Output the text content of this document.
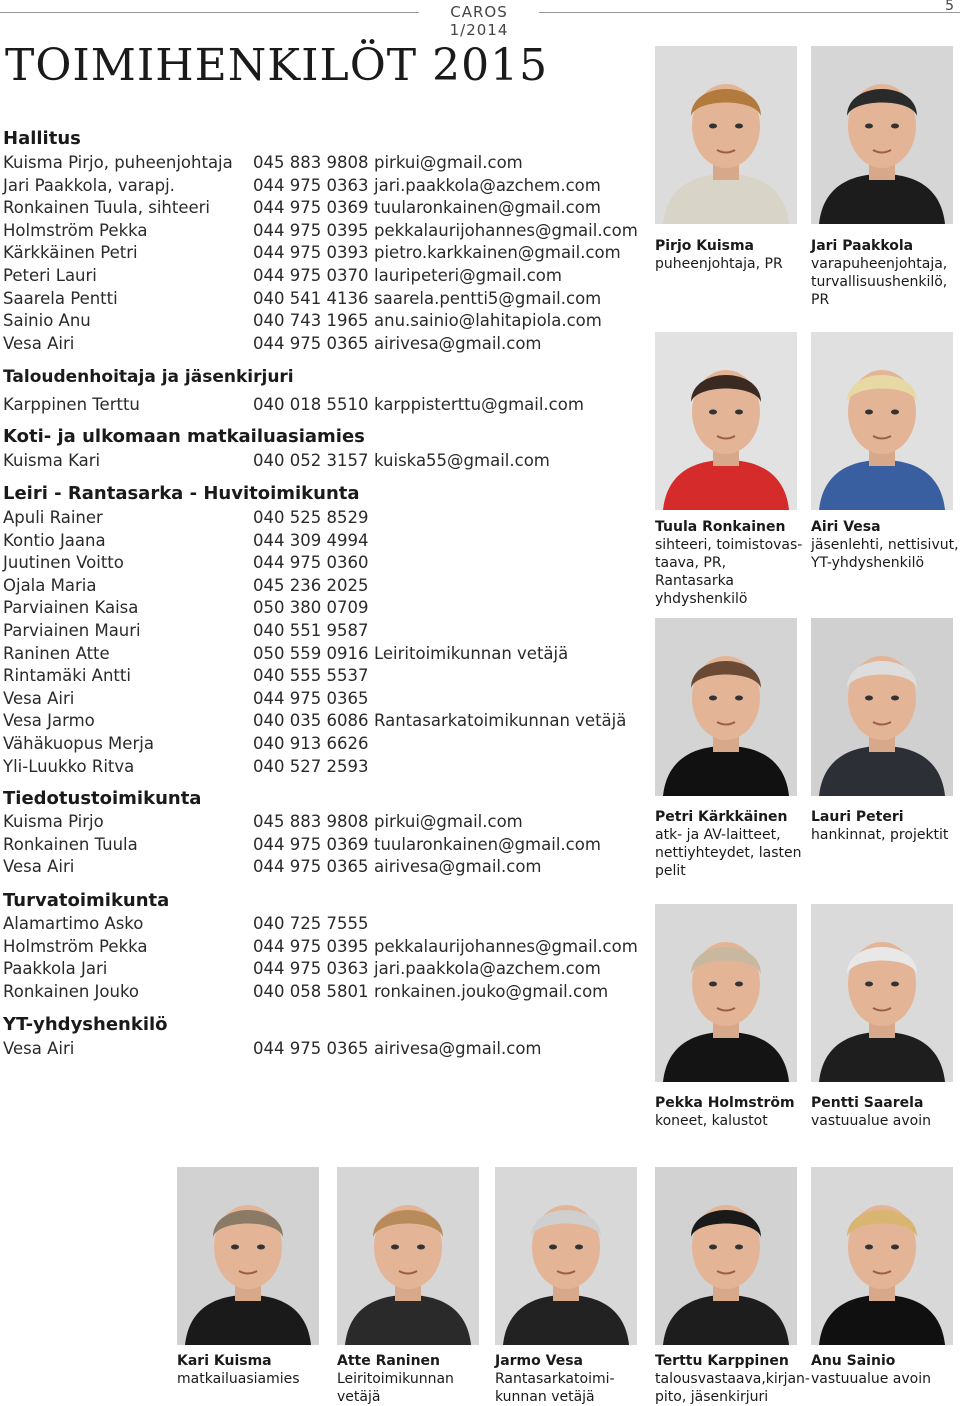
CAROS 1/2014
5
TOIMIHENKILÖT 2015
Hallitus
Taloudenhoitaja ja jäsenkirjuri
Koti- ja ulkomaan matkailuasiamies
Leiri - Rantasarka - Huvitoimikunta
Tiedotustoimikunta
Turvatoimikunta
YT-yhdyshenkilö
Kuisma Pirjo, puheenjohtaja 045 883 9808 pirkui@gmail.com
Jari Paakkola, varapj.	044 975 0363 jari.paakkola@azchem.com
Ronkainen Tuula, sihteeri	044 975 0369 tuularonkainen@gmail.com
Holmström Pekka	044 975 0395 pekkalaurijohannes@gmail.com
Kärkkäinen Petri	044 975 0393 pietro.karkkainen@gmail.com
Peteri Lauri	044 975 0370 lauripeteri@gmail.com
Saarela Pentti	040 541 4136 saarela.pentti5@gmail.com
Sainio Anu	040 743 1965 anu.sainio@lahitapiola.com
Vesa Airi	044 975 0365 airivesa@gmail.com
Karppinen Terttu	040 018 5510 karppisterttu@gmail.com
Kuisma Kari	040 052 3157 kuiska55@gmail.com
Apuli Rainer	040 525 8529
Kontio Jaana	044 309 4994
Juutinen Voitto	044 975 0360
Ojala Maria	045 236 2025
Parviainen Kaisa	050 380 0709
Parviainen Mauri	040 551 9587
Raninen Atte	050 559 0916 Leiritoimikunnan vetäjä
Rintamäki Antti	040 555 5537
Vesa Airi	044 975 0365
Vesa Jarmo	040 035 6086 Rantasarkatoimikunnan vetäjä
Vähäkuopus Merja	040 913 6626
Yli-Luukko Ritva	040 527 2593
Kuisma Pirjo	045 883 9808 pirkui@gmail.com
Ronkainen Tuula	044 975 0369 tuularonkainen@gmail.com
Vesa Airi	044 975 0365 airivesa@gmail.com
Alamartimo Asko	040 725 7555
Holmström Pekka	044 975 0395 pekkalaurijohannes@gmail.com
Paakkola Jari	044 975 0363 jari.paakkola@azchem.com
Ronkainen Jouko	040 058 5801 ronkainen.jouko@gmail.com
Vesa Airi	044 975 0365 airivesa@gmail.com
Pirjo Kuisma
puheenjohtaja, PR
Jari Paakkola
varapuheenjohtaja, turvallisuushenkilö, PR
Tuula Ronkainen
sihteeri, toimistovas-taava, PR, Rantasarka yhdyshenkilö
Airi Vesa
jäsenlehti, nettisivut, YT-yhdyshenkilö
Petri Kärkkäinen
atk- ja AV-laitteet, nettiyhteydet, lasten pelit
Lauri Peteri
hankinnat, projektit
Pekka Holmström
koneet, kalustot
Pentti Saarela
vastuualue avoin
Kari Kuisma
matkailuasiamies
Atte Raninen
Leiritoimikunnan vetäjä
Jarmo Vesa
Rantasarkatoimi-kunnan vetäjä
Terttu Karppinen
talousvastaava,kirjan-pito, jäsenkirjuri
Anu Sainio
vastuualue avoin
